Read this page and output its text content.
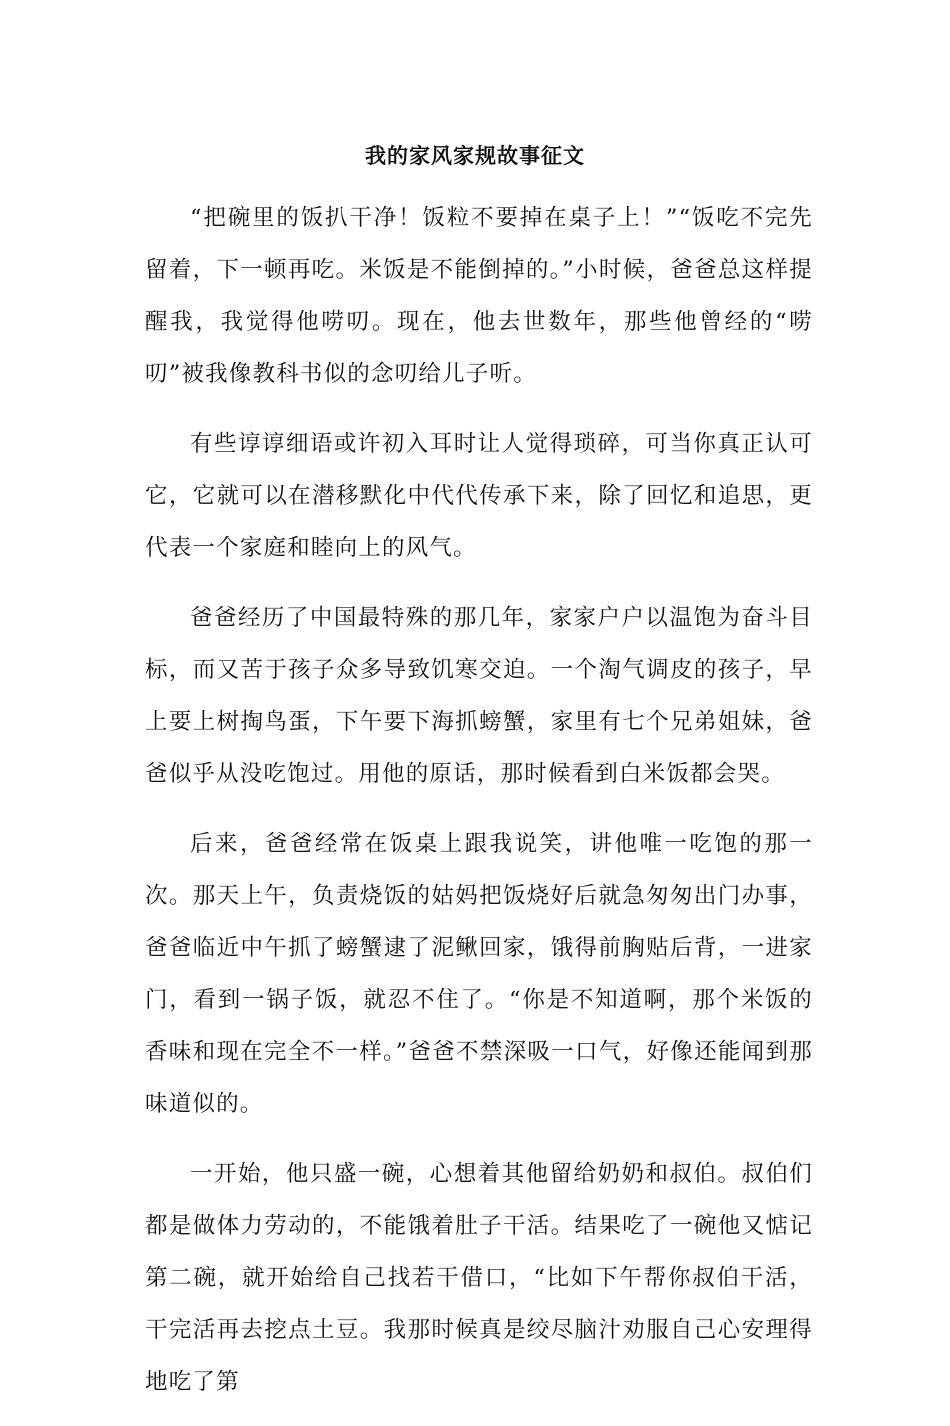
我的家风家规故事征文

“把碗里的饭扒干净！饭粒不要掉在桌子上！”“饭吃不完先留着，下一顿再吃。米饭是不能倒掉的。”小时候，爸爸总这样提醒我，我觉得他唠叨。现在，他去世数年，那些他曾经的“唠叨”被我像教科书似的念叨给儿子听。

有些谆谆细语或许初入耳时让人觉得琐碎，可当你真正认可它，它就可以在潜移默化中代代传承下来，除了回忆和追思，更代表一个家庭和睦向上的风气。

爸爸经历了中国最特殊的那几年，家家户户以温饱为奋斗目标，而又苦于孩子众多导致饥寒交迫。一个淘气调皮的孩子，早上要上树掏鸟蛋，下午要下海抓螃蟹，家里有七个兄弟姐妹，爸爸似乎从没吃饱过。用他的原话，那时候看到白米饭都会哭。

后来，爸爸经常在饭桌上跟我说笑，讲他唯一吃饱的那一次。那天上午，负责烧饭的姑妈把饭烧好后就急匆匆出门办事，爸爸临近中午抓了螃蟹逮了泥鳅回家，饿得前胸贴后背，一进家门，看到一锅子饭，就忍不住了。“你是不知道啊，那个米饭的香味和现在完全不一样。”爸爸不禁深吸一口气，好像还能闻到那味道似的。

一开始，他只盛一碗，心想着其他留给奶奶和叔伯。叔伯们都是做体力劳动的，不能饿着肚子干活。结果吃了一碗他又惦记第二碗，就开始给自己找若干借口，“比如下午帮你叔伯干活，干完活再去挖点土豆。我那时候真是绞尽脑汁劝服自己心安理得地吃了第
